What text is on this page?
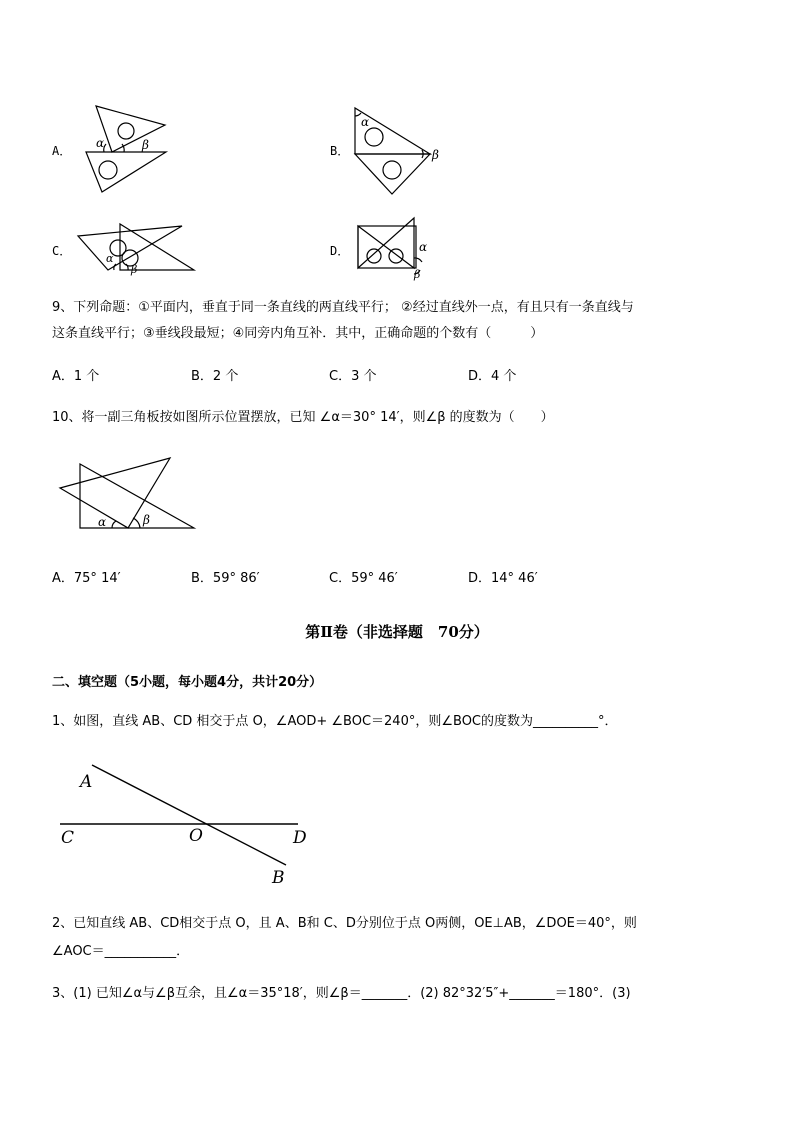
A．
α	β	B．
α
β
C．
α
β
D．	α
β
9、下列命题：①平面内，垂直于同一条直线的两直线平行； ②经过直线外一点，有且只有一条直线与
这条直线平行；③垂线段最短；④同旁内角互补．其中，正确命题的个数有（　　　）
A．1 个	B．2 个	C．3 个	D．4 个
10、将一副三角板按如图所示位置摆放，已知 ∠α＝30° 14′，则∠β 的度数为（　　）
α	β
A．75° 14′	B．59° 86′	C．59° 46′	D．14° 46′
第Ⅱ卷（非选择题　70分）
二、填空题（5小题，每小题4分，共计20分）
1、如图，直线 AB、CD 相交于点 O，∠AOD+ ∠BOC＝240°，则∠BOC的度数为__________°．
A
C	O	D
B
2、已知直线 AB、CD相交于点 O，且 A、B和 C、D分别位于点 O两侧，OE⊥AB，∠DOE＝40°，则
∠AOC＝___________．
3、(1) 已知∠α与∠β互余，且∠α＝35°18′，则∠β＝_______．(2) 82°32′5″+_______＝180°．(3)
